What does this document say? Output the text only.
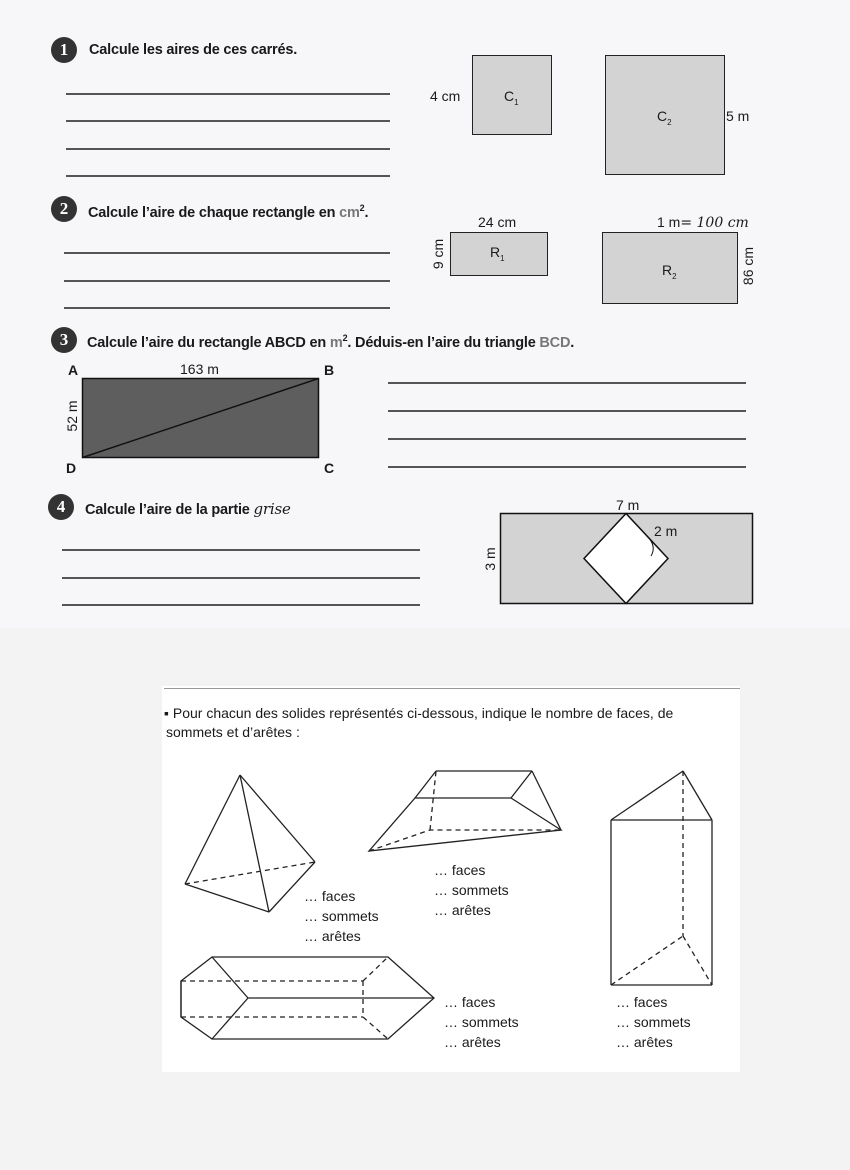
1	Calcule les aires de ces carrés.
4 cm	$C_1$
5 m
$C_2$
2	Calcule l’aire de chaque rectangle en $cm^2$.
24 cm
9 cm	$R_1$
1 m= 100 cm
86 cm
$R_2$
3	Calcule l’aire du rectangle ABCD en $m^2$. Déduis-en l’aire du triangle BCD.
A	B
C
D
163 m
52 m
4	Calcule l’aire de la partie grise	7 m
2 m
3 m
▪ Pour chacun des solides représentés ci-dessous, indique le nombre de faces, de
sommets et d’arêtes :
… faces
… sommets
… arêtes
… faces
… sommets
… arêtes
… faces
… sommets
… arêtes
… faces
… sommets
… arêtes
